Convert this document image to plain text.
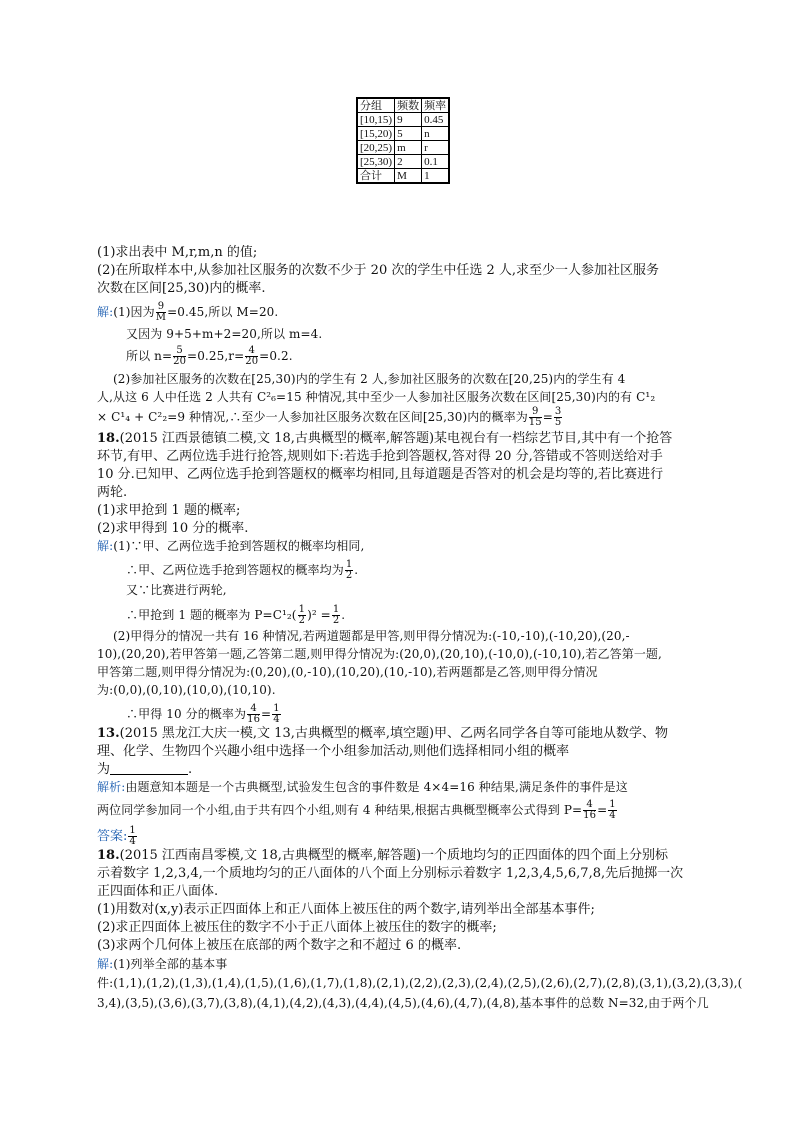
分组	频数	频率
[10,15)	9	0.45
[15,20)	5	n
[20,25)	m	r
[25,30)	2	0.1
合计	M	1
(1)求出表中 M,r,m,n 的值;
(2)在所取样本中,从参加社区服务的次数不少于 20 次的学生中任选 2 人,求至少一人参加社区服务
次数在区间[25,30)内的概率.
解:(1)因为 $\frac{9}{M} =0.45$,所以 M=20.
又因为 9+5+m+2=20,所以 m=4.
所以 $n= \frac{5}{20} =0.25,r= \frac{4}{20} =0.2$.
(2)参加社区服务的次数在[25,30)内的学生有 2 人,参加社区服务的次数在[20,25)内的学生有 4
人,从这 6 人中任选 2 人共有 C²₆=15 种情况,其中至少一人参加社区服务次数在区间[25,30)内的有 C¹₂
× C¹₄ + C²₂=9 种情况,∴至少一人参加社区服务次数在区间[25,30)内的概率为 $\frac{9}{15} = \frac{3}{5}$
18.(2015 江西景德镇二模,文 18,古典概型的概率,解答题)某电视台有一档综艺节目,其中有一个抢答
环节,有甲、乙两位选手进行抢答,规则如下:若选手抢到答题权,答对得 20 分,答错或不答则送给对手
10 分.已知甲、乙两位选手抢到答题权的概率均相同,且每道题是否答对的机会是均等的,若比赛进行
两轮.
(1)求甲抢到 1 题的概率;
(2)求甲得到 10 分的概率.
解:(1)∵甲、乙两位选手抢到答题权的概率均相同,
∴甲、乙两位选手抢到答题权的概率均为 $\frac{1}{2}$ .
又∵比赛进行两轮,
∴甲抢到 1 题的概率为 $P=C^1_2( \frac{1}{2} )^2 = \frac{1}{2}$ .
(2)甲得分的情况一共有 16 种情况,若两道题都是甲答,则甲得分情况为:(-10,-10),(-10,20),(20,-
10),(20,20),若甲答第一题,乙答第二题,则甲得分情况为:(20,0),(20,10),(-10,0),(-10,10),若乙答第一题,
甲答第二题,则甲得分情况为:(0,20),(0,-10),(10,20),(10,-10),若两题都是乙答,则甲得分情况
为:(0,0),(0,10),(10,0),(10,10).
∴甲得 10 分的概率为 $\frac{4}{16} = \frac{1}{4}$
13.(2015 黑龙江大庆一模,文 13,古典概型的概率,填空题)甲、乙两名同学各自等可能地从数学、物
理、化学、生物四个兴趣小组中选择一个小组参加活动,则他们选择相同小组的概率
为	.
解析:由题意知本题是一个古典概型,试验发生包含的事件数是 4×4=16 种结果,满足条件的事件是这
两位同学参加同一个小组,由于共有四个小组,则有 4 种结果,根据古典概型概率公式得到 $P= \frac{4}{16} = \frac{1}{4}$
答案: $\frac{1}{4}$
18.(2015 江西南昌零模,文 18,古典概型的概率,解答题)一个质地均匀的正四面体的四个面上分别标
示着数字 1,2,3,4,一个质地均匀的正八面体的八个面上分别标示着数字 1,2,3,4,5,6,7,8,先后抛掷一次
正四面体和正八面体.
(1)用数对(x,y)表示正四面体上和正八面体上被压住的两个数字,请列举出全部基本事件;
(2)求正四面体上被压住的数字不小于正八面体上被压住的数字的概率;
(3)求两个几何体上被压在底部的两个数字之和不超过 6 的概率.
解:(1)列举全部的基本事
件:(1,1),(1,2),(1,3),(1,4),(1,5),(1,6),(1,7),(1,8),(2,1),(2,2),(2,3),(2,4),(2,5),(2,6),(2,7),(2,8),(3,1),(3,2),(3,3),(
3,4),(3,5),(3,6),(3,7),(3,8),(4,1),(4,2),(4,3),(4,4),(4,5),(4,6),(4,7),(4,8),基本事件的总数 N=32,由于两个几
